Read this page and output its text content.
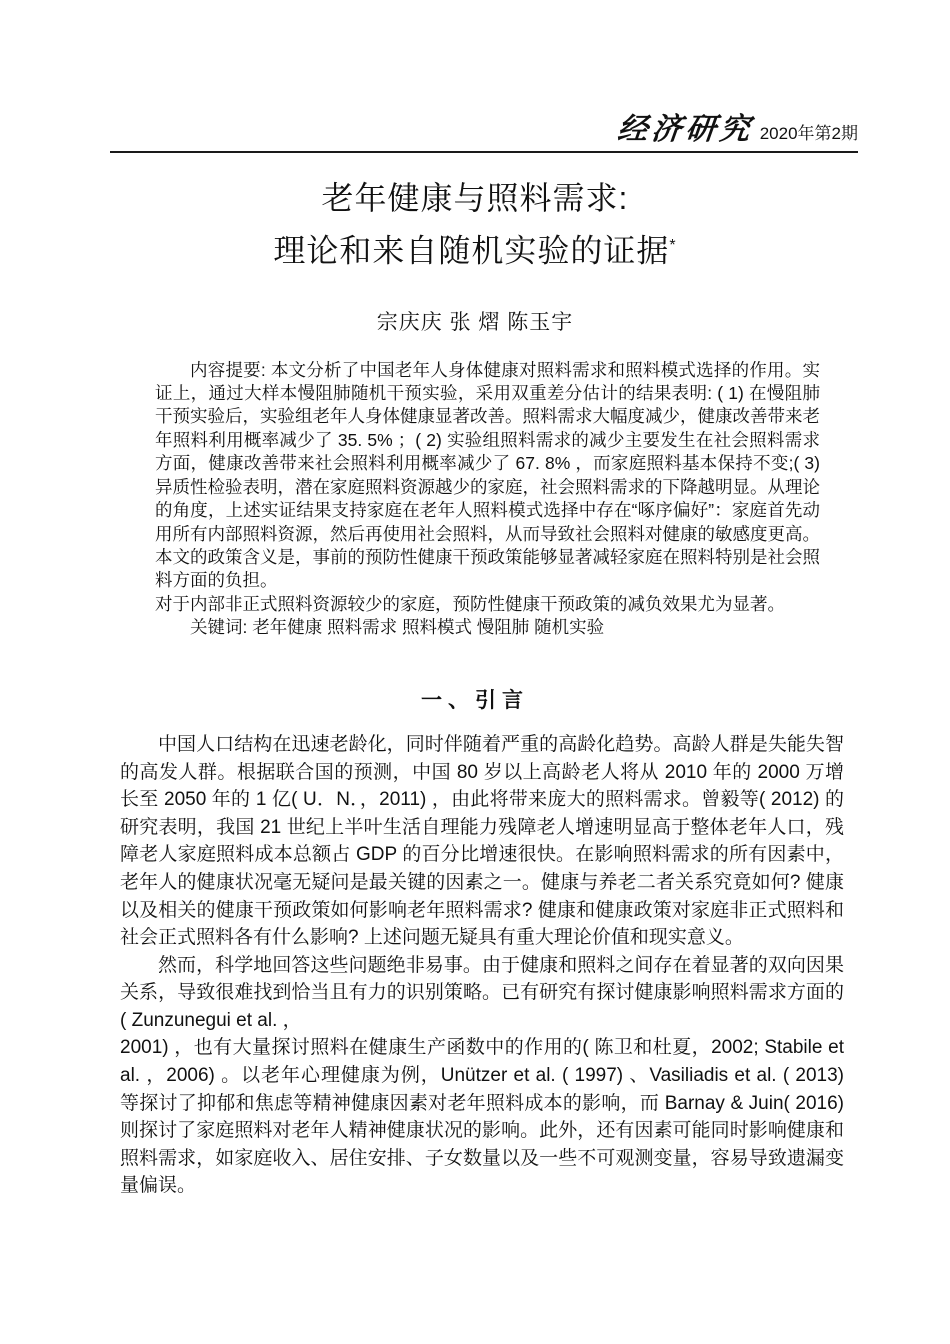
经济研究 2020年第2期
老年健康与照料需求:
理论和来自随机实验的证据*
宗庆庆 张 熠 陈玉宇

内容提要: 本文分析了中国老年人身体健康对照料需求和照料模式选择的作用。实证上，通过大样本慢阻肺随机干预实验，采用双重差分估计的结果表明: ( 1) 在慢阻肺干预实验后，实验组老年人身体健康显著改善。照料需求大幅度减少，健康改善带来老年照料利用概率减少了 35. 5% ；( 2) 实验组照料需求的减少主要发生在社会照料需求方面，健康改善带来社会照料利用概率减少了 67. 8% ，而家庭照料基本保持不变;( 3) 异质性检验表明，潜在家庭照料资源越少的家庭，社会照料需求的下降越明显。从理论的角度，上述实证结果支持家庭在老年人照料模式选择中存在“啄序偏好”：家庭首先动用所有内部照料资源，然后再使用社会照料，从而导致社会照料对健康的敏感度更高。本文的政策含义是，事前的预防性健康干预政策能够显著减轻家庭在照料特别是社会照料方面的负担。

对于内部非正式照料资源较少的家庭，预防性健康干预政策的减负效果尤为显著。

关键词: 老年健康 照料需求 照料模式 慢阻肺 随机实验

一、引言

中国人口结构在迅速老龄化，同时伴随着严重的高龄化趋势。高龄人群是失能失智的高发人群。根据联合国的预测，中国 80 岁以上高龄老人将从 2010 年的 2000 万增长至 2050 年的 1 亿( U．N．，2011) ，由此将带来庞大的照料需求。曾毅等( 2012) 的研究表明，我国 21 世纪上半叶生活自理能力残障老人增速明显高于整体老年人口，残障老人家庭照料成本总额占 GDP 的百分比增速很快。在影响照料需求的所有因素中，老年人的健康状况毫无疑问是最关键的因素之一。健康与养老二者关系究竟如何? 健康以及相关的健康干预政策如何影响老年照料需求? 健康和健康政策对家庭非正式照料和社会正式照料各有什么影响? 上述问题无疑具有重大理论价值和现实意义。

然而，科学地回答这些问题绝非易事。由于健康和照料之间存在着显著的双向因果关系，导致很难找到恰当且有力的识别策略。已有研究有探讨健康影响照料需求方面的( Zunzunegui et al. ，

2001) ，也有大量探讨照料在健康生产函数中的作用的( 陈卫和杜夏，2002; Stabile et al. ，2006) 。以老年心理健康为例，Unützer et al. ( 1997) 、Vasiliadis et al. ( 2013) 等探讨了抑郁和焦虑等精神健康因素对老年照料成本的影响，而 Barnay & Juin( 2016) 则探讨了家庭照料对老年人精神健康状况的影响。此外，还有因素可能同时影响健康和照料需求，如家庭收入、居住安排、子女数量以及一些不可观测变量，容易导致遗漏变量偏误。
